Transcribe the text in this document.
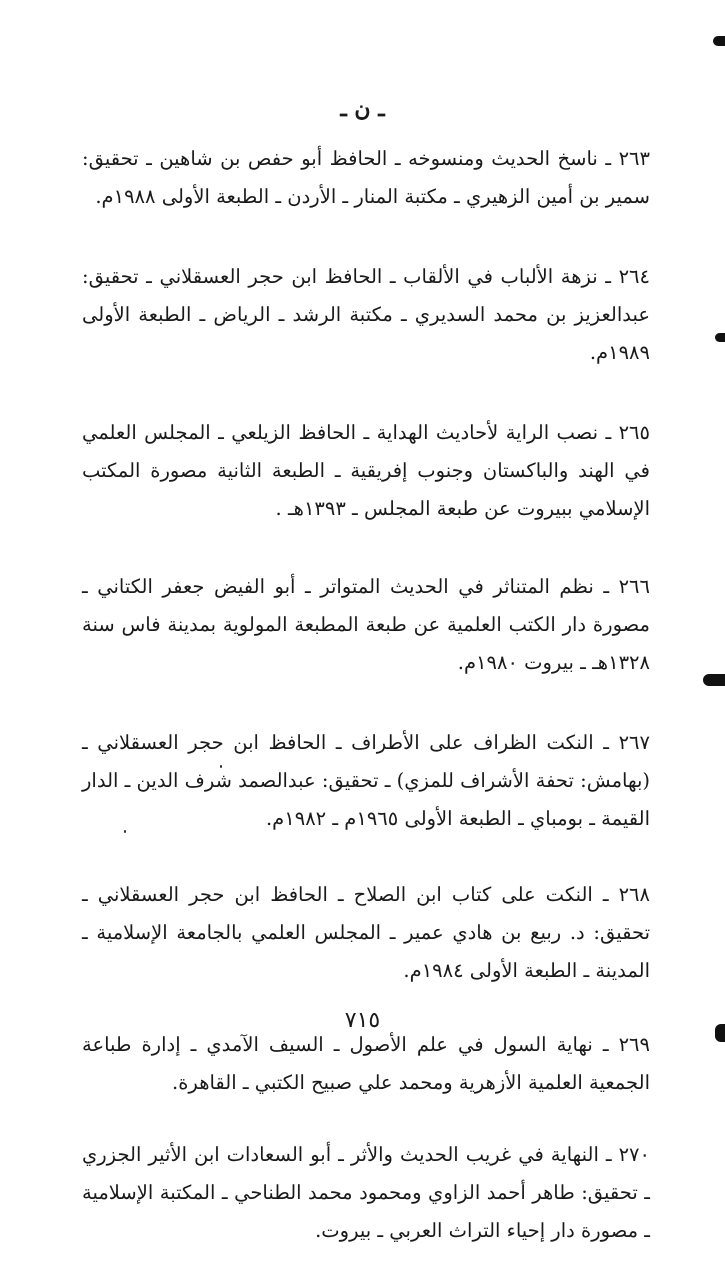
ـ ن ـ

٢٦٣ ـ ناسخ الحديث ومنسوخه ـ الحافظ أبو حفص بن شاهين ـ تحقيق: سمير بن أمين الزهيري ـ مكتبة المنار ـ الأردن ـ الطبعة الأولى ١٩٨٨م.

٢٦٤ ـ نزهة الألباب في الألقاب ـ الحافظ ابن حجر العسقلاني ـ تحقيق: عبدالعزيز بن محمد السديري ـ مكتبة الرشد ـ الرياض ـ الطبعة الأولى ١٩٨٩م.

٢٦٥ ـ نصب الراية لأحاديث الهداية ـ الحافظ الزيلعي ـ المجلس العلمي في الهند والباكستان وجنوب إفريقية ـ الطبعة الثانية مصورة المكتب الإسلامي ببيروت عن طبعة المجلس ـ ١٣٩٣هـ .

٢٦٦ ـ نظم المتناثر في الحديث المتواتر ـ أبو الفيض جعفر الكتاني ـ مصورة دار الكتب العلمية عن طبعة المطبعة المولوية بمدينة فاس سنة ١٣٢٨هـ ـ بيروت ١٩٨٠م.

٢٦٧ ـ النكت الظراف على الأطراف ـ الحافظ ابن حجر العسقلاني ـ (بهامش: تحفة الأشراف للمزي) ـ تحقيق: عبدالصمد شرف الدين ـ الدار القيمة ـ بومباي ـ الطبعة الأولى ١٩٦٥م ـ ١٩٨٢م.

٢٦٨ ـ النكت على كتاب ابن الصلاح ـ الحافظ ابن حجر العسقلاني ـ تحقيق: د. ربيع بن هادي عمير ـ المجلس العلمي بالجامعة الإسلامية ـ المدينة ـ الطبعة الأولى ١٩٨٤م.

٢٦٩ ـ نهاية السول في علم الأصول ـ السيف الآمدي ـ إدارة طباعة الجمعية العلمية الأزهرية ومحمد علي صبيح الكتبي ـ القاهرة.

٢٧٠ ـ النهاية في غريب الحديث والأثر ـ أبو السعادات ابن الأثير الجزري ـ تحقيق: طاهر أحمد الزاوي ومحمود محمد الطناحي ـ المكتبة الإسلامية ـ مصورة دار إحياء التراث العربي ـ بيروت.

٧١٥
